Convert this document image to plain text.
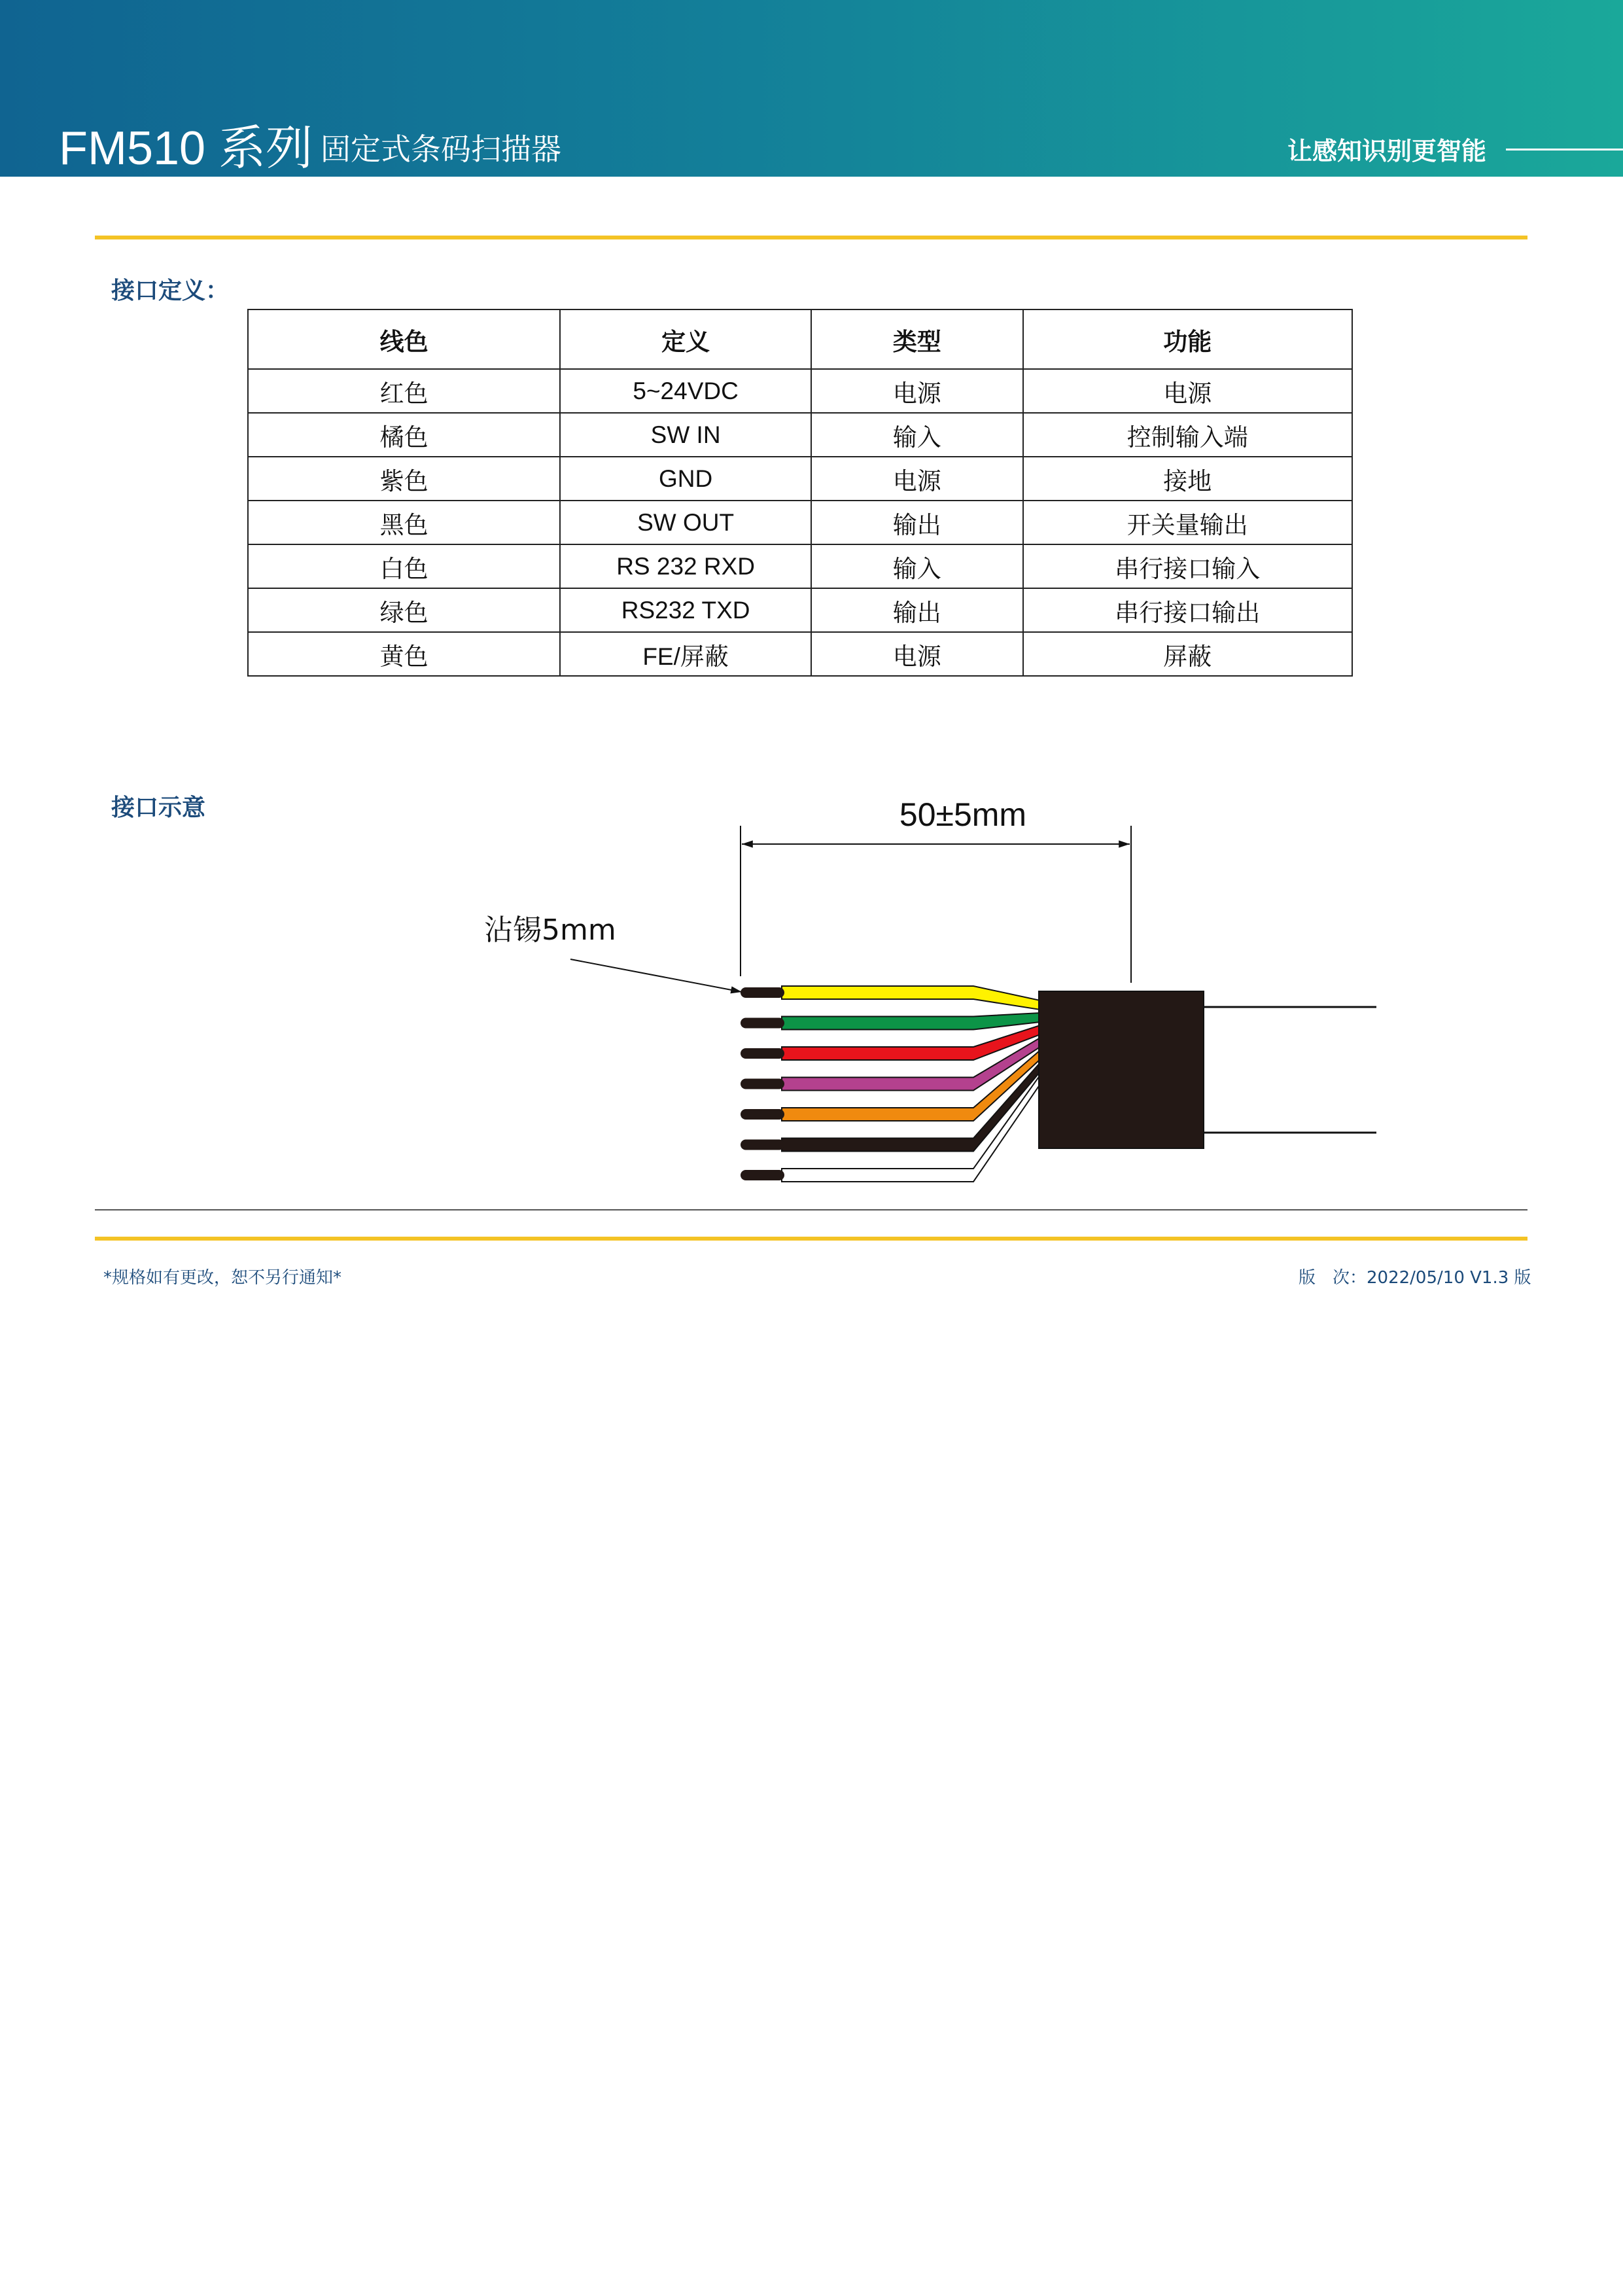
FM510 系列 固定式条码扫描器	让感知识别更智能
接口定义：
线色	定义	类型	功能
红色	5~24VDC	电源	电源
橘色	SW IN	输入	控制输入端
紫色	GND	电源	接地
黑色	SW OUT	输出	开关量输出
白色	RS 232 RXD	输入	串行接口输入
绿色	RS232 TXD	输出	串行接口输出
黄色	FE/屏蔽	电源	屏蔽
接口示意	50±5mm
沾锡5mm
*规格如有更改，恕不另行通知*	版　次：2022/05/10 V1.3 版
